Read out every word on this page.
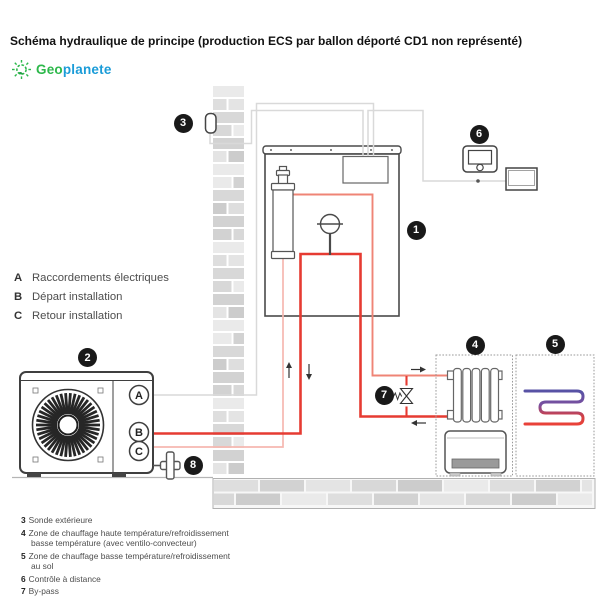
Schéma hydraulique de principe (production ECS par ballon déporté CD1 non représenté)
Geoplanete
A
B
C
1
2
3
4	5
6
7
8
A Raccordements électriques
B Départ installation
C Retour installation
3 Sonde extérieure
4 Zone de chauffage haute température/refroidissement
basse température (avec ventilo-convecteur)
5 Zone de chauffage basse température/refroidissement
au sol
6 Contrôle à distance
7 By-pass
